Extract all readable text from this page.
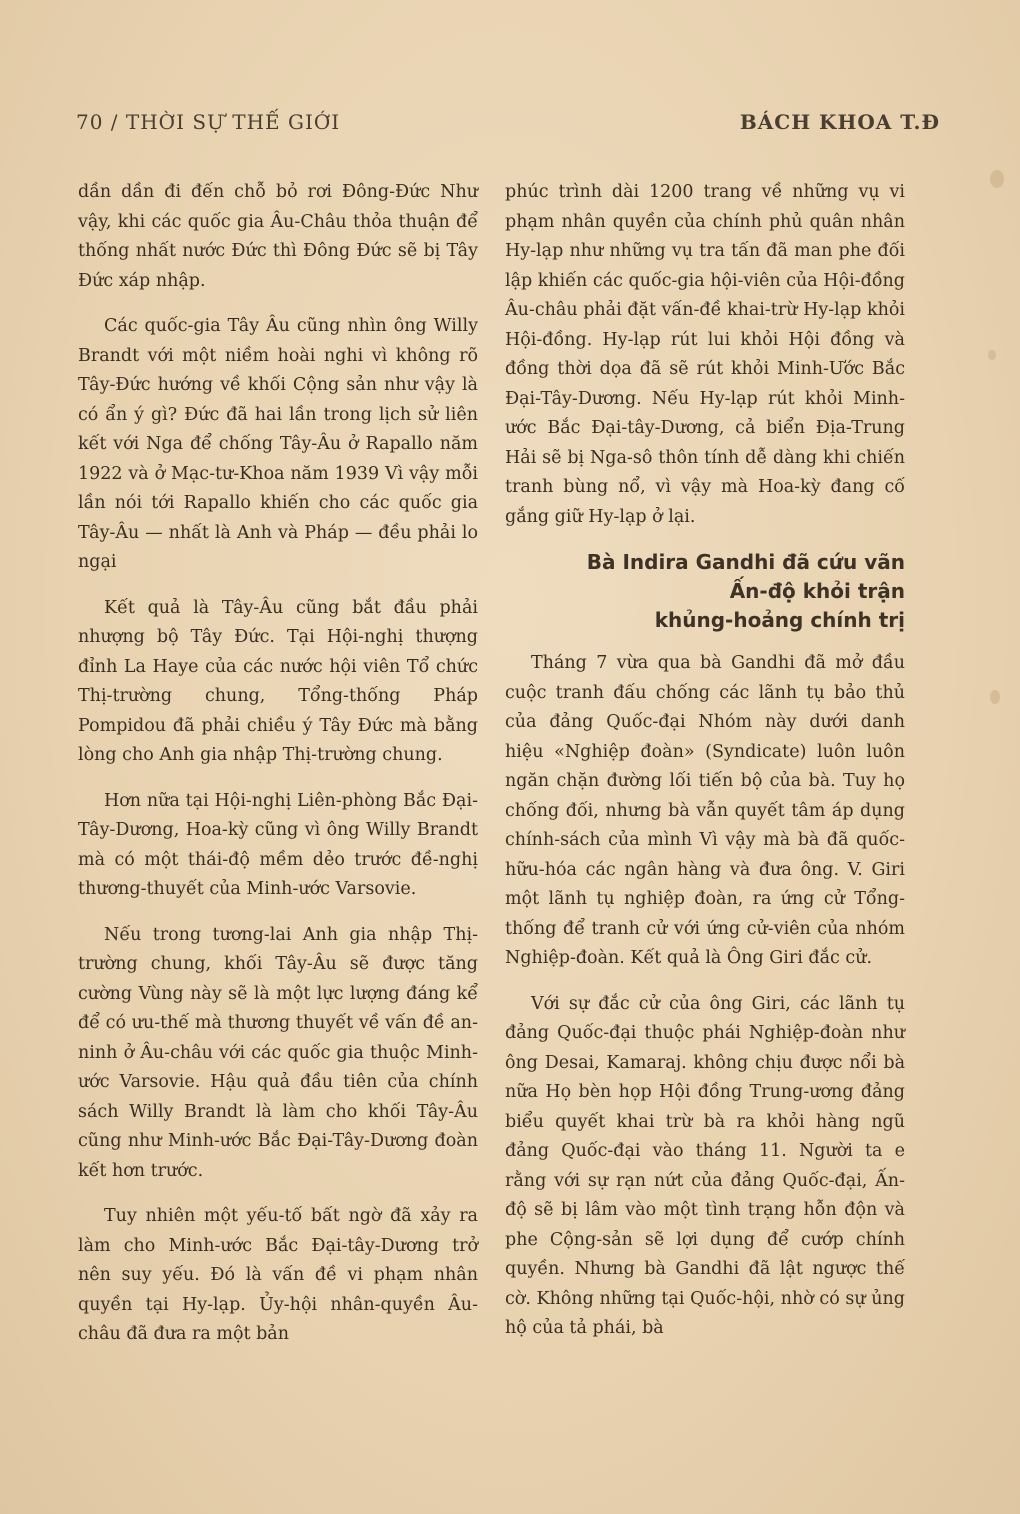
70 / THỜI SỰ THẾ GIỚI	BÁCH KHOA T.Đ

dần dần đi đến chỗ bỏ rơi Đông-Đức Như vậy, khi các quốc gia Âu-Châu thỏa thuận để thống nhất nước Đức thì Đông Đức sẽ bị Tây Đức xáp nhập.

Các quốc-gia Tây Âu cũng nhìn ông Willy Brandt với một niềm hoài nghi vì không rõ Tây-Đức hướng về khối Cộng sản như vậy là có ẩn ý gì? Đức đã hai lần trong lịch sử liên kết với Nga để chống Tây-Âu ở Rapallo năm 1922 và ở Mạc-tư-Khoa năm 1939 Vì vậy mỗi lần nói tới Rapallo khiến cho các quốc gia Tây-Âu — nhất là Anh và Pháp — đều phải lo ngại

Kết quả là Tây-Âu cũng bắt đầu phải nhượng bộ Tây Đức. Tại Hội-nghị thượng đỉnh La Haye của các nước hội viên Tổ chức Thị-trường chung, Tổng-thống Pháp Pompidou đã phải chiều ý Tây Đức mà bằng lòng cho Anh gia nhập Thị-trường chung.

Hơn nữa tại Hội-nghị Liên-phòng Bắc Đại-Tây-Dương, Hoa-kỳ cũng vì ông Willy Brandt mà có một thái-độ mềm dẻo trước đề-nghị thương-thuyết của Minh-ước Varsovie.

Nếu trong tương-lai Anh gia nhập Thị-trường chung, khối Tây-Âu sẽ được tăng cường Vùng này sẽ là một lực lượng đáng kể để có ưu-thế mà thương thuyết về vấn đề an-ninh ở Âu-châu với các quốc gia thuộc Minh-ước Varsovie. Hậu quả đầu tiên của chính sách Willy Brandt là làm cho khối Tây-Âu cũng như Minh-ước Bắc Đại-Tây-Dương đoàn kết hơn trước.

Tuy nhiên một yếu-tố bất ngờ đã xảy ra làm cho Minh-ước Bắc Đại-tây-Dương trở nên suy yếu. Đó là vấn đề vi phạm nhân quyền tại Hy-lạp. Ủy-hội nhân-quyền Âu-châu đã đưa ra một bản

phúc trình dài 1200 trang về những vụ vi phạm nhân quyền của chính phủ quân nhân Hy-lạp như những vụ tra tấn đã man phe đối lập khiến các quốc-gia hội-viên của Hội-đồng Âu-châu phải đặt vấn-đề khai-trừ Hy-lạp khỏi Hội-đồng. Hy-lạp rút lui khỏi Hội đồng và đồng thời dọa đã sẽ rút khỏi Minh-Ước Bắc Đại-Tây-Dương. Nếu Hy-lạp rút khỏi Minh-ước Bắc Đại-tây-Dương, cả biển Địa-Trung Hải sẽ bị Nga-sô thôn tính dễ dàng khi chiến tranh bùng nổ, vì vậy mà Hoa-kỳ đang cố gắng giữ Hy-lạp ở lại.

Bà Indira Gandhi đã cứu vãn
Ấn-độ khỏi trận
khủng-hoảng chính trị

Tháng 7 vừa qua bà Gandhi đã mở đầu cuộc tranh đấu chống các lãnh tụ bảo thủ của đảng Quốc-đại Nhóm này dưới danh hiệu «Nghiệp đoàn» (Syndicate) luôn luôn ngăn chặn đường lối tiến bộ của bà. Tuy họ chống đối, nhưng bà vẫn quyết tâm áp dụng chính-sách của mình Vì vậy mà bà đã quốc-hữu-hóa các ngân hàng và đưa ông. V. Giri một lãnh tụ nghiệp đoàn, ra ứng cử Tổng-thống để tranh cử với ứng cử-viên của nhóm Nghiệp-đoàn. Kết quả là Ông Giri đắc cử.

Với sự đắc cử của ông Giri, các lãnh tụ đảng Quốc-đại thuộc phái Nghiệp-đoàn như ông Desai, Kamaraj. không chịu được nổi bà nữa Họ bèn họp Hội đồng Trung-ương đảng biểu quyết khai trừ bà ra khỏi hàng ngũ đảng Quốc-đại vào tháng 11. Người ta e rằng với sự rạn nứt của đảng Quốc-đại, Ấn-độ sẽ bị lâm vào một tình trạng hỗn độn và phe Cộng-sản sẽ lợi dụng để cướp chính quyền. Nhưng bà Gandhi đã lật ngược thế cờ. Không những tại Quốc-hội, nhờ có sự ủng hộ của tả phái, bà
